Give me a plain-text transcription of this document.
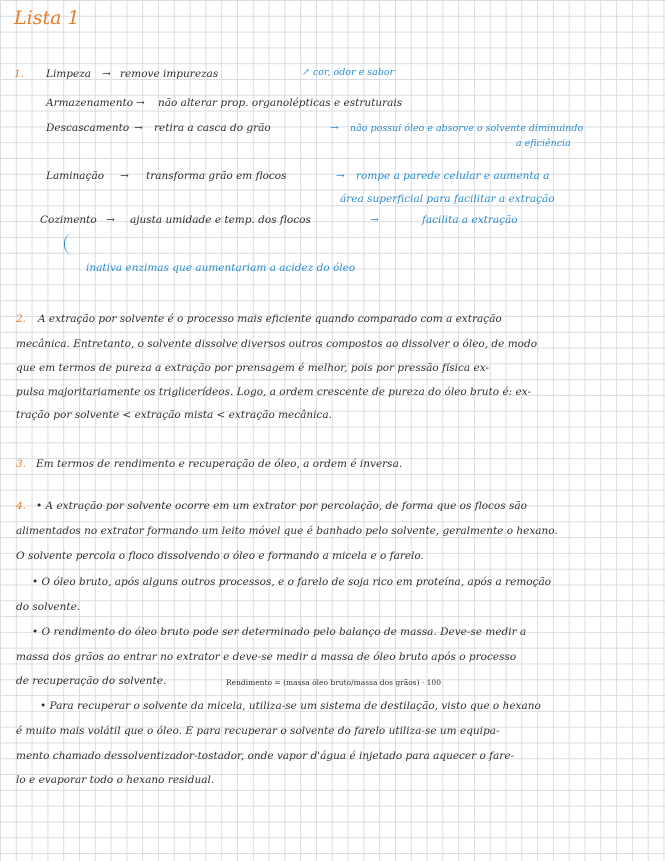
Lista 1
1. Limpeza → remove impurezas	↗ cor, odor e sabor
Armazenamento → não alterar prop. organolépticas e estruturais
Descascamento → retira a casca do grão	→ não possui óleo e absorve o solvente diminuindo
a eficiência
Laminação → transforma grão em flocos	→ rompe a parede celular e aumenta a
área superficial para facilitar a extração
Cozimento → ajusta umidade e temp. dos flocos	→	facilita a extração
inativa enzimas que aumentariam a acidez do óleo
2. A extração por solvente é o processo mais eficiente quando comparado com a extração
mecânica. Entretanto, o solvente dissolve diversos outros compostos ao dissolver o óleo, de modo
que em termos de pureza a extração por prensagem é melhor, pois por pressão física ex-
pulsa majoritariamente os triglicerídeos. Logo, a ordem crescente de pureza do óleo bruto é: ex-
tração por solvente < extração mista < extração mecânica.
3. Em termos de rendimento e recuperação de óleo, a ordem é inversa.
4. • A extração por solvente ocorre em um extrator por percolação, de forma que os flocos são
alimentados no extrator formando um leito móvel que é banhado pelo solvente, geralmente o hexano.
O solvente percola o floco dissolvendo o óleo e formando a micela e o farelo.
• O óleo bruto, após alguns outros processos, e o farelo de soja rico em proteína, após a remoção
do solvente.
• O rendimento do óleo bruto pode ser determinado pelo balanço de massa. Deve-se medir a
massa dos grãos ao entrar no extrator e deve-se medir a massa de óleo bruto após o processo
de recuperação do solvente.	Rendimento = (massa óleo bruto/massa dos grãos) · 100
• Para recuperar o solvente da micela, utiliza-se um sistema de destilação, visto que o hexano
é muito mais volátil que o óleo. E para recuperar o solvente do farelo utiliza-se um equipa-
mento chamado dessolventizador-tostador, onde vapor d'água é injetado para aquecer o fare-
lo e evaporar todo o hexano residual.
